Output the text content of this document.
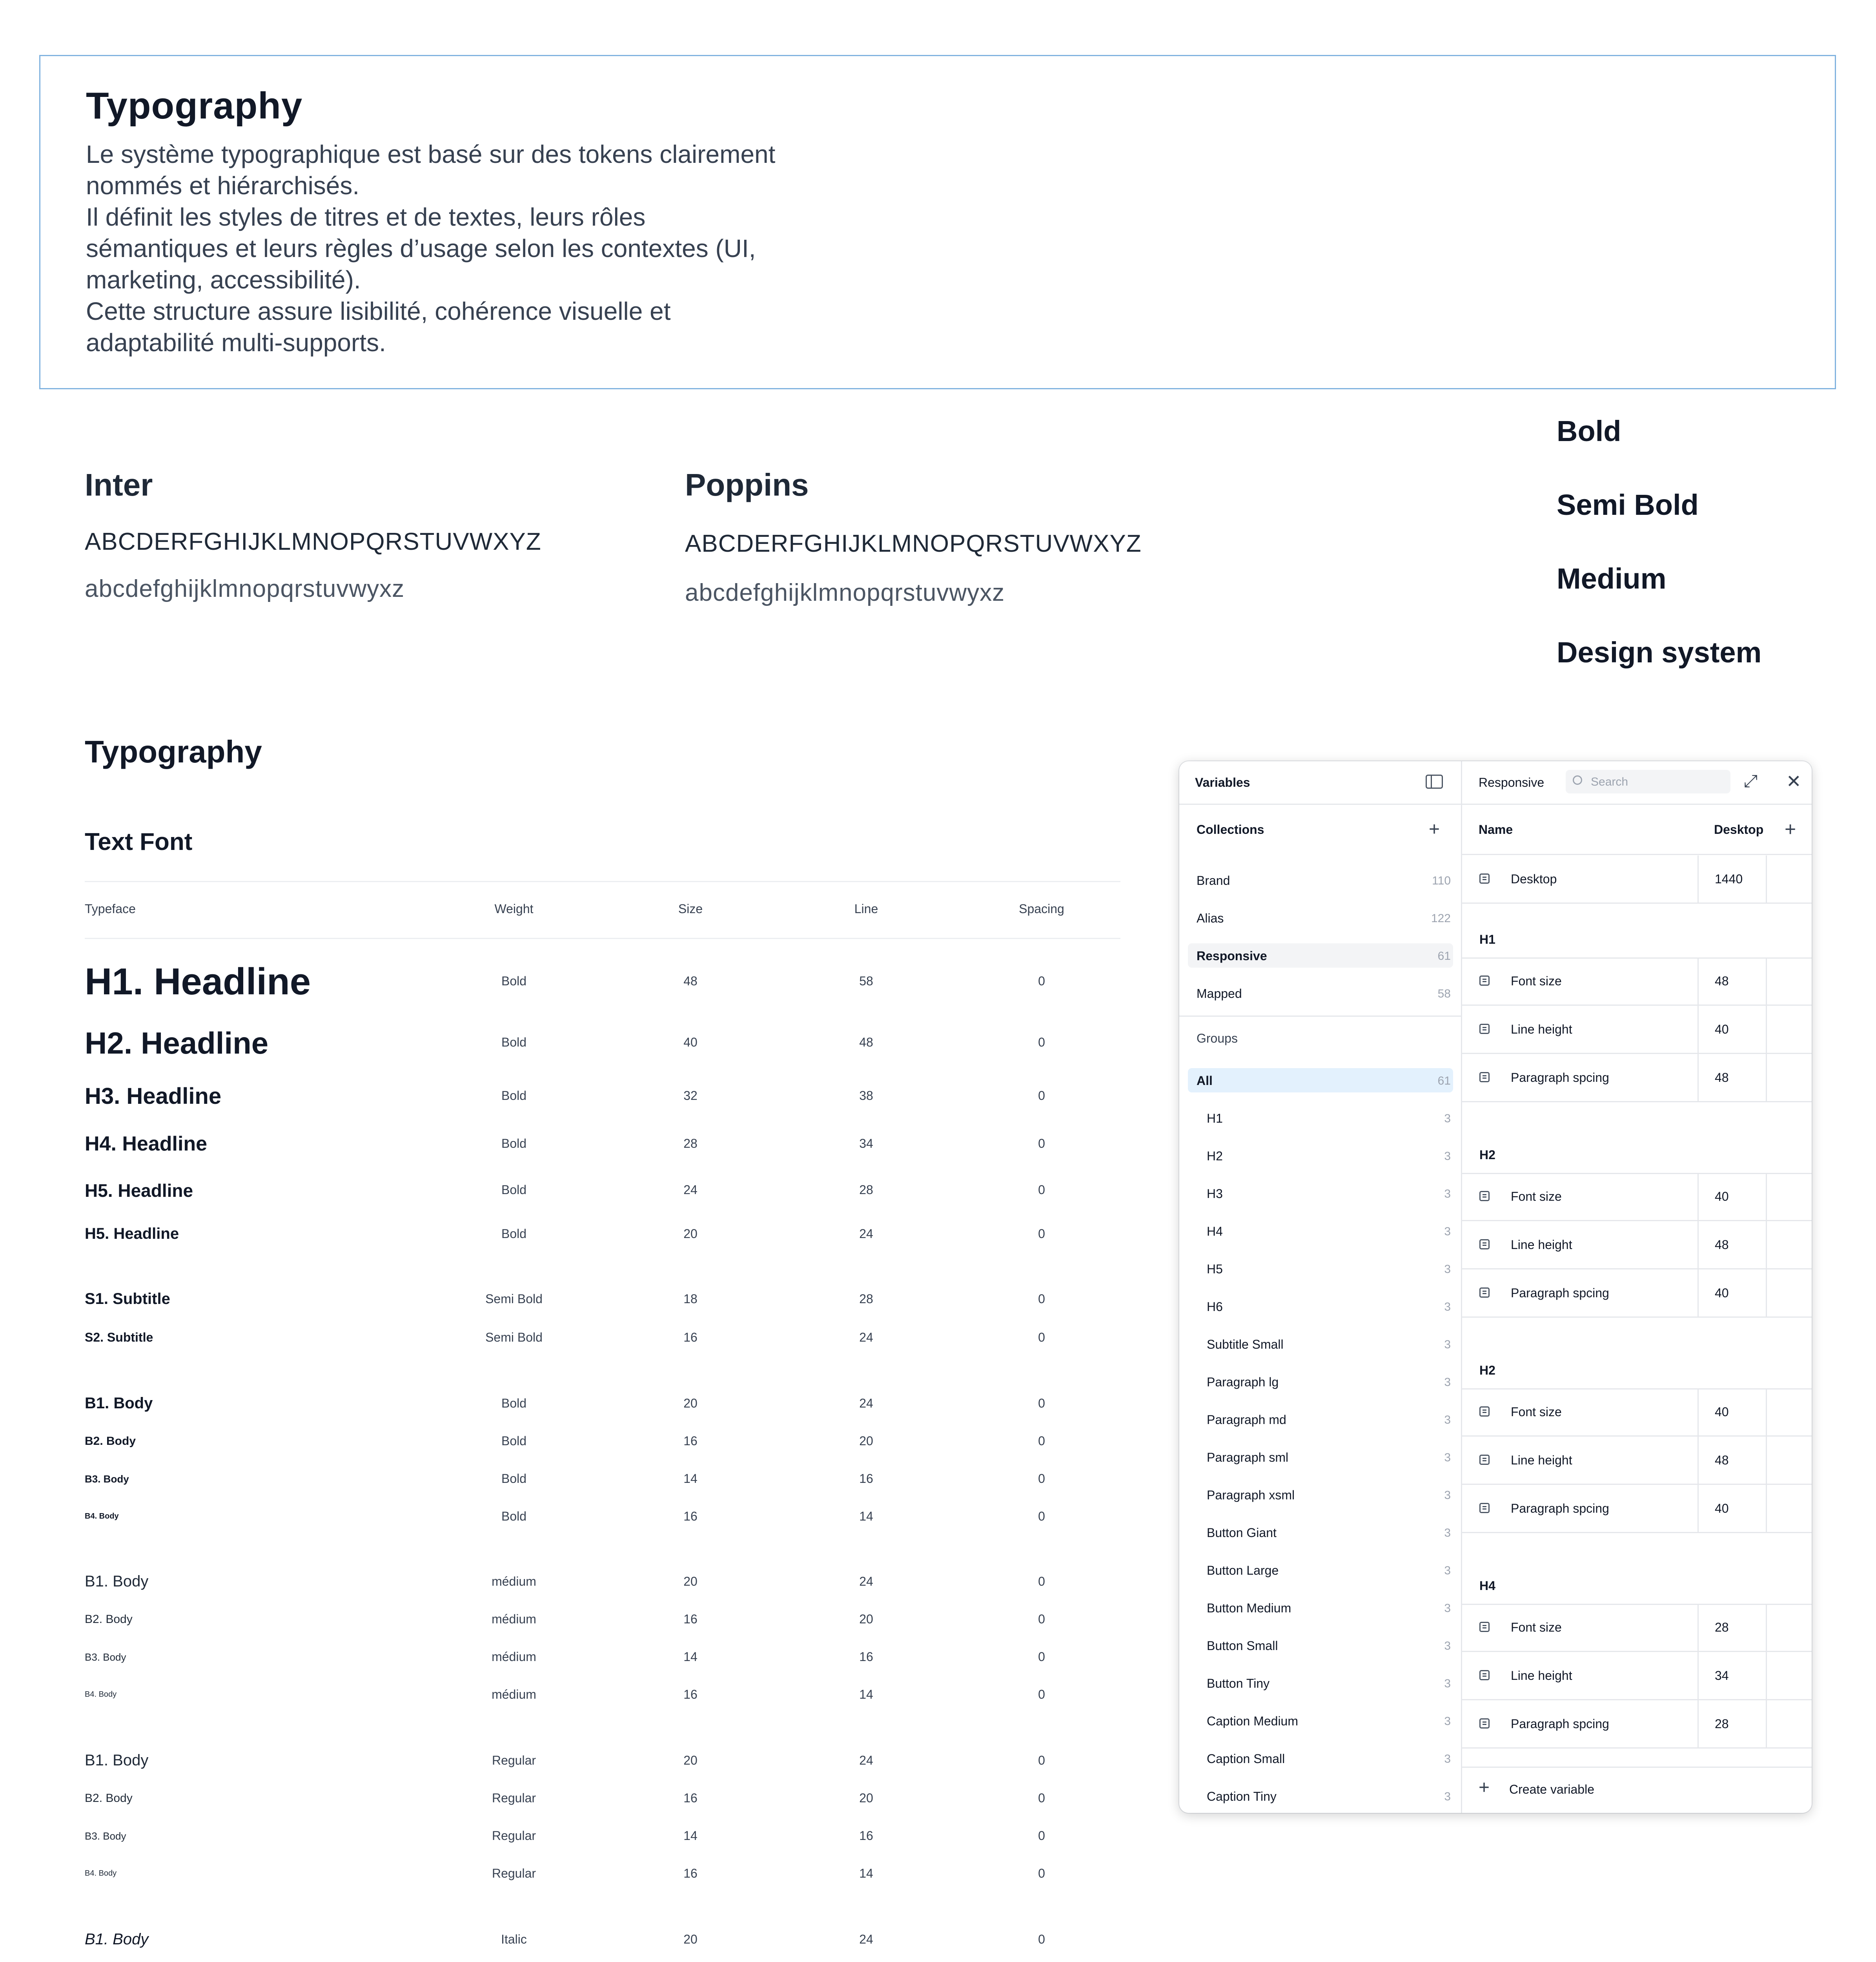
Typography

Le système typographique est basé sur des tokens clairement
nommés et hiérarchisés.
Il définit les styles de titres et de textes, leurs rôles
sémantiques et leurs règles d’usage selon les contextes (UI,
marketing, accessibilité).
Cette structure assure lisibilité, cohérence visuelle et
adaptabilité multi-supports.

Inter
ABCDERFGHIJKLMNOPQRSTUVWXYZ
abcdefghijklmnopqrstuvwyxz
Poppins
ABCDERFGHIJKLMNOPQRSTUVWXYZ
abcdefghijklmnopqrstuvwyxz
Bold
Semi Bold
Medium
Design system
Typography
Text Font
Typeface	Weight	Size	Line	Spacing
H1. Headline	Bold	48	58	0
H2. Headline	Bold	40	48	0
H3. Headline	Bold	32	38	0
H4. Headline	Bold	28	34	0
H5. Headline	Bold	24	28	0
H5. Headline	Bold	20	24	0
S1. Subtitle	Semi Bold	18	28	0
S2. Subtitle	Semi Bold	16	24	0
B1. Body	Bold	20	24	0
B2. Body	Bold	16	20	0
B3. Body	Bold	14	16	0
B4. Body	Bold	16	14	0
B1. Body	médium	20	24	0
B2. Body	médium	16	20	0
B3. Body	médium	14	16	0
B4. Body	médium	16	14	0
B1. Body	Regular	20	24	0
B2. Body	Regular	16	20	0
B3. Body	Regular	14	16	0
B4. Body	Regular	16	14	0
B1. Body	Italic	20	24	0
Variables
Collections	+
Brand	110
Alias	122
Responsive	61
Mapped	58
Groups
All	61
H1	3
H2	3
H3	3
H4	3
H5	3
H6	3
Subtitle Small	3
Paragraph lg	3
Paragraph md	3
Paragraph sml	3
Paragraph xsml	3
Button Giant	3
Button Large	3
Button Medium	3
Button Small	3
Button Tiny	3
Caption Medium	3
Caption Small	3
Caption Tiny	3
Responsive	Search	⤢ ✕
Name	Desktop +
Desktop	1440
H1
Font size	48
Line height	40
Paragraph spcing	48
H2
Font size	40
Line height	48
Paragraph spcing	40
H2
Font size	40
Line height	48
Paragraph spcing	40
H4
Font size	28
Line height	34
Paragraph spcing	28
+ Create variable
